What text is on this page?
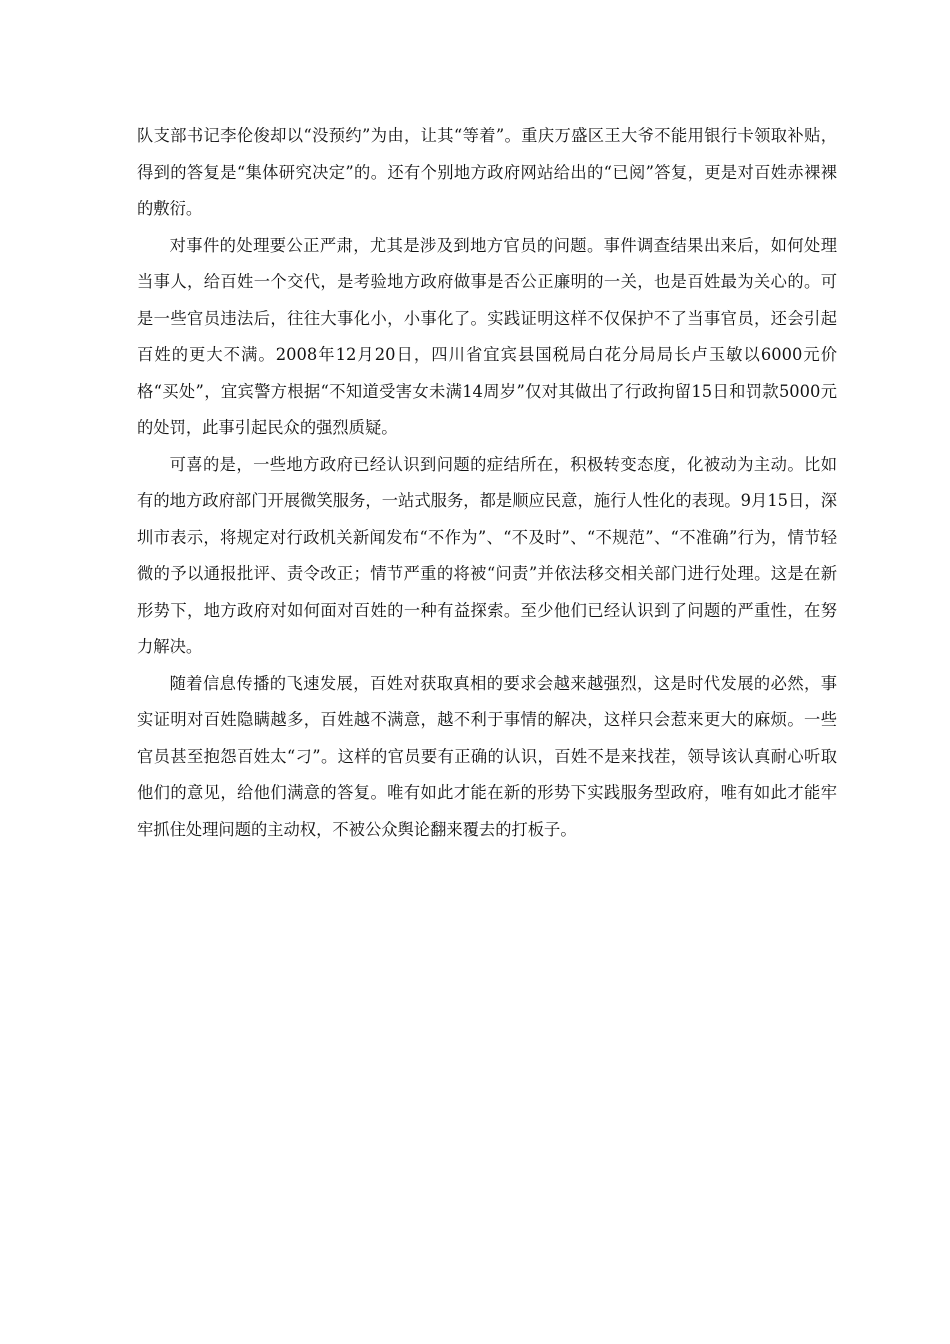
队支部书记李伦俊却以“没预约”为由，让其“等着”。重庆万盛区王大爷不能用银行卡领取补贴，得到的答复是“集体研究决定”的。还有个别地方政府网站给出的“已阅”答复，更是对百姓赤裸裸的敷衍。

对事件的处理要公正严肃，尤其是涉及到地方官员的问题。事件调查结果出来后，如何处理当事人，给百姓一个交代，是考验地方政府做事是否公正廉明的一关，也是百姓最为关心的。可是一些官员违法后，往往大事化小，小事化了。实践证明这样不仅保护不了当事官员，还会引起百姓的更大不满。2008年12月20日，四川省宜宾县国税局白花分局局长卢玉敏以6000元价格“买处”，宜宾警方根据“不知道受害女未满14周岁”仅对其做出了行政拘留15日和罚款5000元的处罚，此事引起民众的强烈质疑。

可喜的是，一些地方政府已经认识到问题的症结所在，积极转变态度，化被动为主动。比如有的地方政府部门开展微笑服务，一站式服务，都是顺应民意，施行人性化的表现。9月15日，深圳市表示，将规定对行政机关新闻发布“不作为”、“不及时”、“不规范”、“不准确”行为，情节轻微的予以通报批评、责令改正；情节严重的将被“问责”并依法移交相关部门进行处理。这是在新形势下，地方政府对如何面对百姓的一种有益探索。至少他们已经认识到了问题的严重性，在努力解决。

随着信息传播的飞速发展，百姓对获取真相的要求会越来越强烈，这是时代发展的必然，事实证明对百姓隐瞒越多，百姓越不满意，越不利于事情的解决，这样只会惹来更大的麻烦。一些官员甚至抱怨百姓太“刁”。这样的官员要有正确的认识，百姓不是来找茬，领导该认真耐心听取他们的意见，给他们满意的答复。唯有如此才能在新的形势下实践服务型政府，唯有如此才能牢牢抓住处理问题的主动权，不被公众舆论翻来覆去的打板子。
